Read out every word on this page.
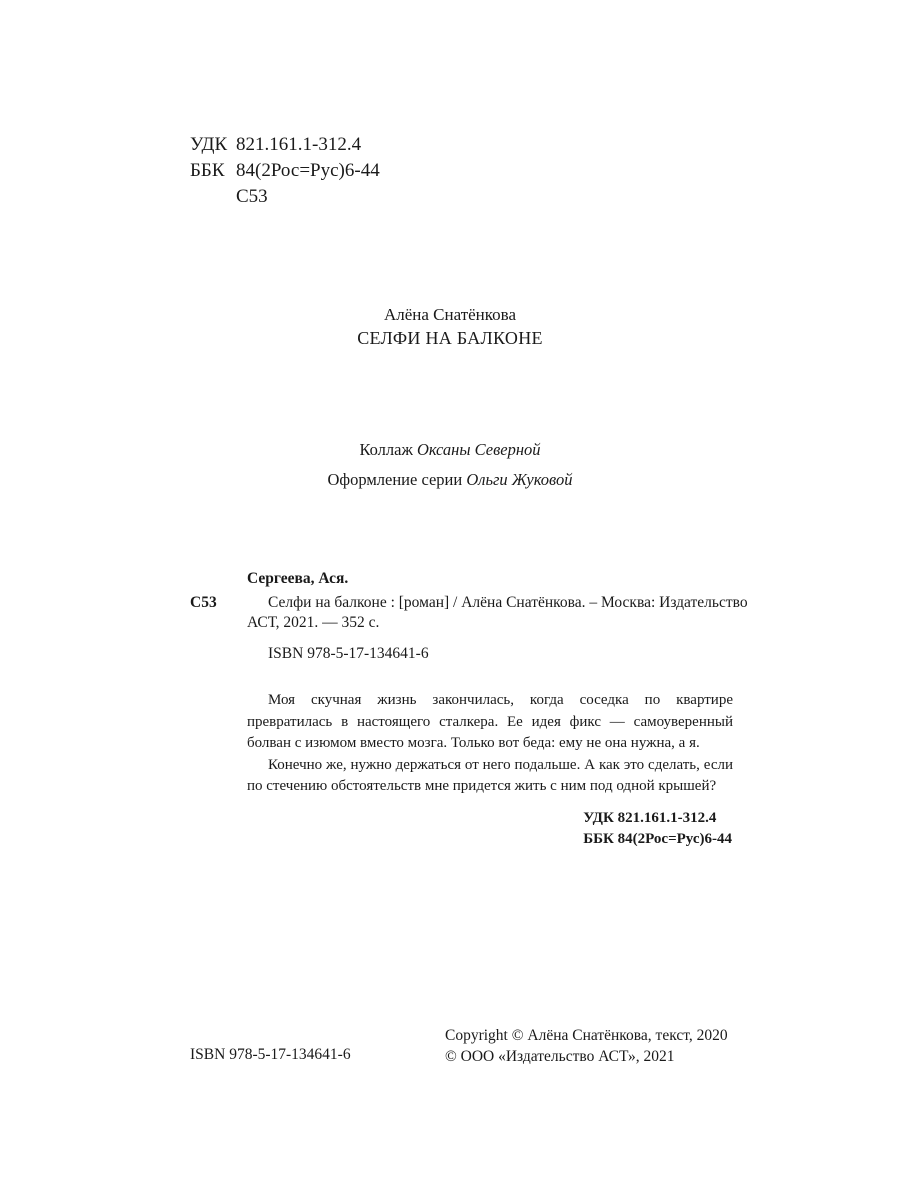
УДК 821.161.1-312.4
ББК 84(2Рос=Рус)6-44
С53
Алёна Снатёнкова
СЕЛФИ НА БАЛКОНЕ
Коллаж Оксаны Северной
Оформление серии Ольги Жуковой
Сергеева, Ася.
С53	Селфи на балконе : [роман] / Алёна Снатёнкова. – Москва: Издательство
АСТ, 2021. — 352 с.
ISBN 978-5-17-134641-6

Моя скучная жизнь закончилась, когда соседка по квартире превратилась в настоящего сталкера. Ее идея фикс — самоуверенный болван с изюмом вместо мозга. Только вот беда: ему не она нужна, а я.

Конечно же, нужно держаться от него подальше. А как это сделать, если по стечению обстоятельств мне придется жить с ним под одной крышей?

УДК 821.161.1-312.4
ББК 84(2Рос=Рус)6-44
ISBN 978-5-17-134641-6
Copyright © Алёна Снатёнкова, текст, 2020
© ООО «Издательство АСТ», 2021
